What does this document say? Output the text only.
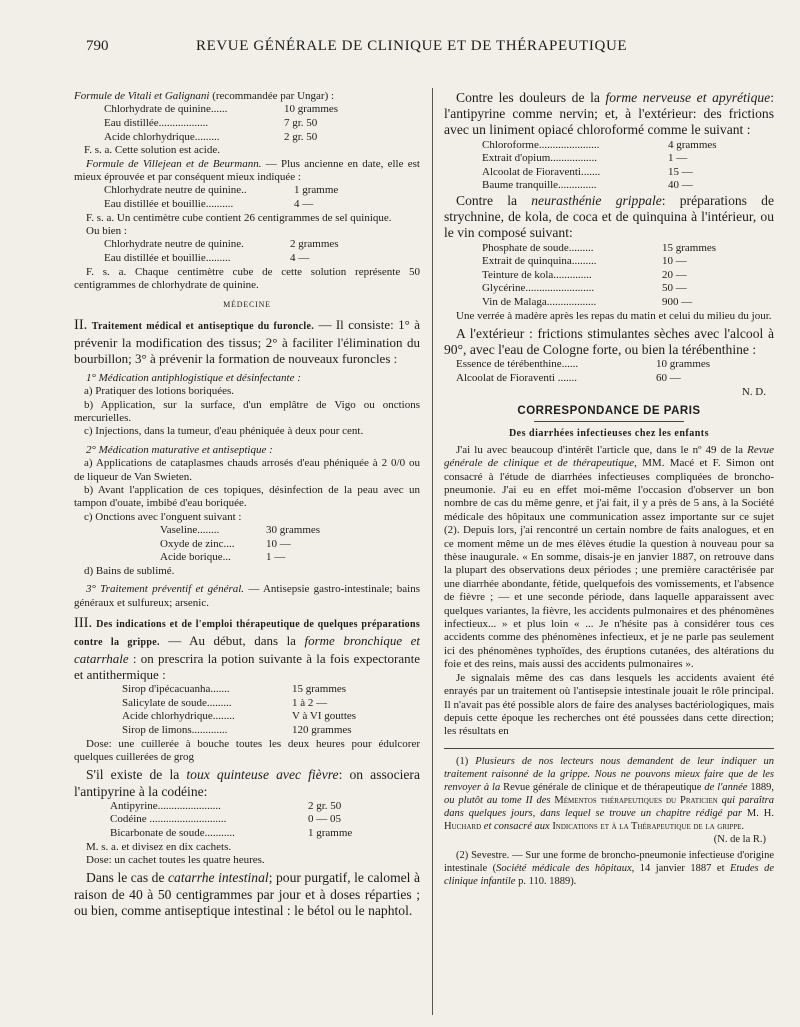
790	REVUE GÉNÉRALE DE CLINIQUE ET DE THÉRAPEUTIQUE

Formule de Vitali et Galignani (recommandée par Ungar) :

Chlorhydrate de quinine......	10 grammes
Eau distillée..................	7 gr. 50
Acide chlorhydrique.........	2 gr. 50

F. s. a. Cette solution est acide.

Formule de Villejean et de Beurmann. — Plus ancienne en date, elle est mieux éprouvée et par conséquent mieux indiquée :

Chlorhydrate neutre de quinine..	1 gramme
Eau distillée et bouillie..........	4 —

F. s. a. Un centimètre cube contient 26 centigrammes de sel quinique.

Ou bien :

Chlorhydrate neutre de quinine.	2 grammes
Eau distillée et bouillie.........	4 —

F. s. a. Chaque centimètre cube de cette solution représente 50 centigrammes de chlorhydrate de quinine.

MÉDECINE

II. Traitement médical et antiseptique du furoncle. — Il consiste: 1° à prévenir la modification des tissus; 2° à faciliter l'élimination du bourbillon; 3° à prévenir la formation de nouveaux furoncles :

1° Médication antiphlogistique et désinfectante :

a) Pratiquer des lotions boriquées.

b) Application, sur la surface, d'un emplâtre de Vigo ou onctions mercurielles.

c) Injections, dans la tumeur, d'eau phéniquée à deux pour cent.

2° Médication maturative et antiseptique :

a) Applications de cataplasmes chauds arrosés d'eau phéniquée à 2 0/0 ou de liqueur de Van Swieten.

b) Avant l'application de ces topiques, désinfection de la peau avec un tampon d'ouate, imbibé d'eau boriquée.

c) Onctions avec l'onguent suivant :

Vaseline........	30 grammes
Oxyde de zinc....	10 —
Acide borique...	1 —

d) Bains de sublimé.

3° Traitement préventif et général. — Antisepsie gastro-intestinale; bains généraux et sulfureux; arsenic.

III. Des indications et de l'emploi thérapeutique de quelques préparations contre la grippe. — Au début, dans la forme bronchique et catarrhale : on prescrira la potion suivante à la fois expectorante et antithermique :

Sirop d'ipécacuanha.......	15 grammes
Salicylate de soude.........	1 à 2 —
Acide chlorhydrique........	V à VI gouttes
Sirop de limons.............	120 grammes

Dose: une cuillerée à bouche toutes les deux heures pour édulcorer quelques cuillerées de grog

S'il existe de la toux quinteuse avec fièvre: on associera l'antipyrine à la codéine:

Antipyrine.......................	2 gr. 50
Codéine ............................	0 — 05
Bicarbonate de soude...........	1 gramme

M. s. a. et divisez en dix cachets.

Dose: un cachet toutes les quatre heures.

Dans le cas de catarrhe intestinal; pour purgatif, le calomel à raison de 40 à 50 centigrammes par jour et à doses réparties ; ou bien, comme antiseptique intestinal : le bétol ou le naphtol.

Contre les douleurs de la forme nerveuse et apyrétique: l'antipyrine comme nervin; et, à l'extérieur: des frictions avec un liniment opiacé chloroformé comme le suivant :

Chloroforme......................	4 grammes
Extrait d'opium.................	1 —
Alcoolat de Fioraventi.......	15 —
Baume tranquille..............	40 —

Contre la neurasthénie grippale: préparations de strychnine, de kola, de coca et de quinquina à l'intérieur, ou le vin composé suivant:

Phosphate de soude.........	15 grammes
Extrait de quinquina.........	10 —
Teinture de kola..............	20 —
Glycérine.........................	50 —
Vin de Malaga..................	900 —

Une verrée à madère après les repas du matin et celui du milieu du jour.

A l'extérieur : frictions stimulantes sèches avec l'alcool à 90°, avec l'eau de Cologne forte, ou bien la térébenthine :

Essence de térébenthine......	10 grammes
Alcoolat de Fioraventi .......	60 —

N. D.

CORRESPONDANCE DE PARIS
Des diarrhées infectieuses chez les enfants

J'ai lu avec beaucoup d'intérêt l'article que, dans le nº 49 de la Revue générale de clinique et de thérapeutique, MM. Macé et F. Simon ont consacré à l'étude de diarrhées infectieuses compliquées de broncho-pneumonie. J'ai eu en effet moi-même l'occasion d'observer un bon nombre de cas du même genre, et j'ai fait, il y a près de 5 ans, à la Société médicale des hôpitaux une communication assez importante sur ce sujet (2). Depuis lors, j'ai rencontré un certain nombre de faits analogues, et en ce moment même un de mes élèves étudie la question à nouveau pour sa thèse inaugurale. « En somme, disais-je en janvier 1887, on retrouve dans la plupart des observations deux périodes ; une première caractérisée par une diarrhée abondante, fétide, quelquefois des vomissements, et l'absence de fièvre ; — et une seconde période, dans laquelle apparaissent avec quelques variantes, la fièvre, les accidents pulmonaires et des phénomènes infectieux... » et plus loin « ... Je n'hésite pas à considérer tous ces accidents comme des phénomènes infectieux, et je ne parle pas seulement ici des phénomènes typhoïdes, des éruptions cutanées, des altérations du foie et des reins, mais aussi des accidents pulmonaires ».

Je signalais même des cas dans lesquels les accidents avaient été enrayés par un traitement où l'antisepsie intestinale jouait le rôle principal. Il n'avait pas été possible alors de faire des analyses bactériologiques, mais depuis cette époque les recherches ont été poussées dans cette direction; les résultats en

(1) Plusieurs de nos lecteurs nous demandent de leur indiquer un traitement raisonné de la grippe. Nous ne pouvons mieux faire que de les renvoyer à la Revue générale de clinique et de thérapeutique de l'année 1889, ou plutôt au tome II des Mémentos thérapeutiques du Praticien qui paraîtra dans quelques jours, dans lequel se trouve un chapitre rédigé par M. H. Huchard et consacré aux Indications et à la Thérapeutique de la grippe.

(N. de la R.)

(2) Sevestre. — Sur une forme de broncho-pneumonie infectieuse d'origine intestinale (Société médicale des hôpitaux, 14 janvier 1887 et Etudes de clinique infantile p. 110. 1889).
